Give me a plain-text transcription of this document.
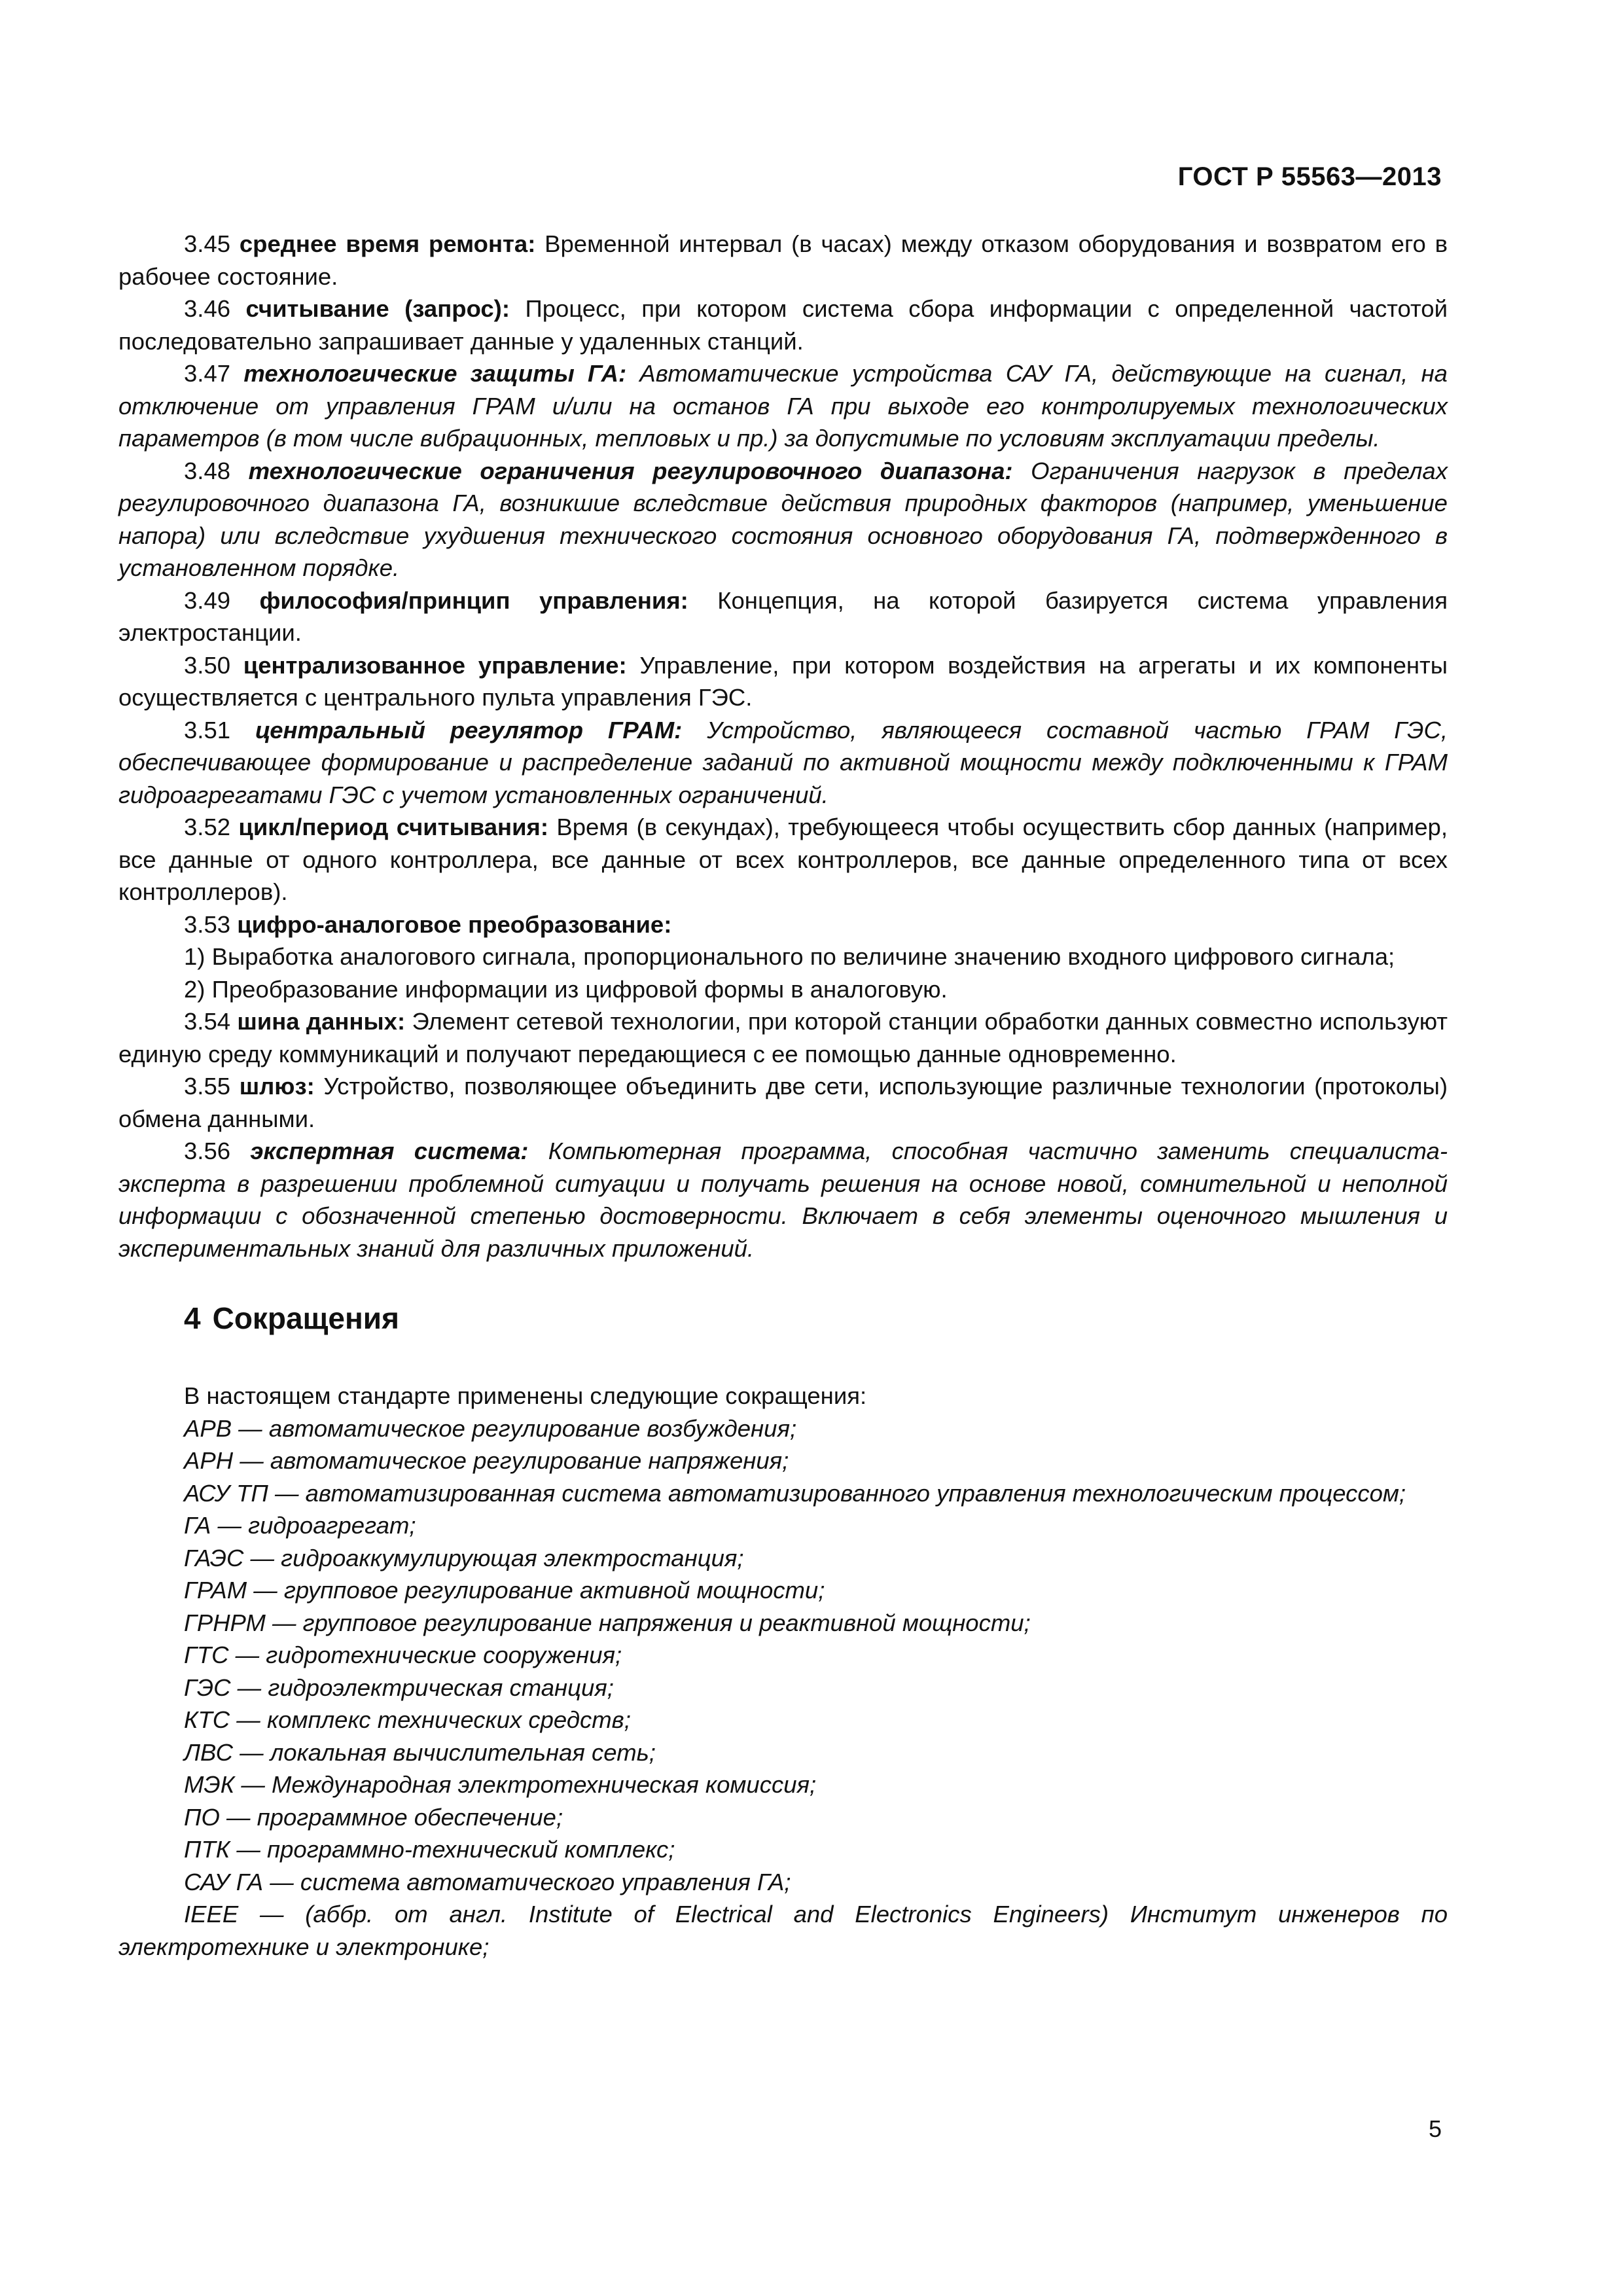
ГОСТ Р 55563—2013

3.45 среднее время ремонта: Временной интервал (в часах) между отказом оборудования и возвратом его в рабочее состояние.

3.46 считывание (запрос): Процесс, при котором система сбора информации с определенной частотой последовательно запрашивает данные у удаленных станций.

3.47 технологические защиты ГА: Автоматические устройства САУ ГА, действующие на сигнал, на отключение от управления ГРАМ и/или на останов ГА при выходе его контролируемых технологических параметров (в том числе вибрационных, тепловых и пр.) за допустимые по условиям эксплуатации пределы.

3.48 технологические ограничения регулировочного диапазона: Ограничения нагрузок в пределах регулировочного диапазона ГА, возникшие вследствие действия природных факторов (например, уменьшение напора) или вследствие ухудшения технического состояния основного оборудования ГА, подтвержденного в установленном порядке.

3.49 философия/принцип управления: Концепция, на которой базируется система управления электростанции.

3.50 централизованное управление: Управление, при котором воздействия на агрегаты и их компоненты осуществляется с центрального пульта управления ГЭС.

3.51 центральный регулятор ГРАМ: Устройство, являющееся составной частью ГРАМ ГЭС, обеспечивающее формирование и распределение заданий по активной мощности между подключенными к ГРАМ гидроагрегатами ГЭС с учетом установленных ограничений.

3.52 цикл/период считывания: Время (в секундах), требующееся чтобы осуществить сбор данных (например, все данные от одного контроллера, все данные от всех контроллеров, все данные определенного типа от всех контроллеров).

3.53 цифро-аналоговое преобразование:

1) Выработка аналогового сигнала, пропорционального по величине значению входного цифрового сигнала;

2) Преобразование информации из цифровой формы в аналоговую.

3.54 шина данных: Элемент сетевой технологии, при которой станции обработки данных совместно используют единую среду коммуникаций и получают передающиеся с ее помощью данные одновременно.

3.55 шлюз: Устройство, позволяющее объединить две сети, использующие различные технологии (протоколы) обмена данными.

3.56 экспертная система: Компьютерная программа, способная частично заменить специалиста-эксперта в разрешении проблемной ситуации и получать решения на основе новой, сомнительной и неполной информации с обозначенной степенью достоверности. Включает в себя элементы оценочного мышления и экспериментальных знаний для различных приложений.

4 Сокращения

В настоящем стандарте применены следующие сокращения:

АРВ — автоматическое регулирование возбуждения;

АРН — автоматическое регулирование напряжения;

АСУ ТП — автоматизированная система автоматизированного управления технологическим процессом;

ГА — гидроагрегат;

ГАЭС — гидроаккумулирующая электростанция;

ГРАМ — групповое регулирование активной мощности;

ГРНРМ — групповое регулирование напряжения и реактивной мощности;

ГТС — гидротехнические сооружения;

ГЭС — гидроэлектрическая станция;

КТС — комплекс технических средств;

ЛВС — локальная вычислительная сеть;

МЭК — Международная электротехническая комиссия;

ПО — программное обеспечение;

ПТК — программно-технический комплекс;

САУ ГА — система автоматического управления ГА;

IEEE — (аббр. от англ. Institute of Electrical and Electronics Engineers) Институт инженеров по электротехнике и электронике;

5
